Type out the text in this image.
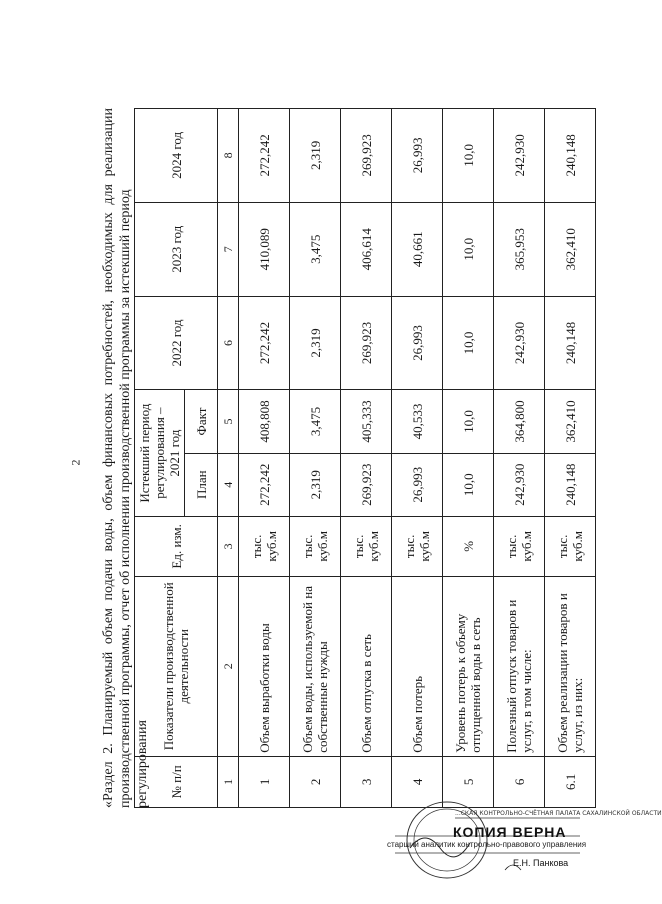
2 «Раздел 2. Планируемый объем подачи воды, объем финансовых потребностей, необходимых для реализации производственной программы, отчет об исполнении производственной программы за истекший период регулирования № п/п	Показатели производственной деятельности	Ед. изм.	Истекший период регулирования – 2021 год		2022 год	2023 год	2024 год
			План	Факт			
1	2	3	4	5	6	7	8
1	Объем выработки воды	тыс. куб.м	272,242	408,808	272,242	410,089	272,242
2	Объем воды, используемой на собственные нужды	тыс. куб.м	2,319	3,475	2,319	3,475	2,319
3	Объем отпуска в сеть	тыс. куб.м	269,923	405,333	269,923	406,614	269,923
4	Объем потерь	тыс. куб.м	26,993	40,533	26,993	40,661	26,993
5	Уровень потерь к объему отпущенной воды в сеть	%	10,0	10,0	10,0	10,0	10,0
6	Полезный отпуск товаров и услуг, в том числе:	тыс. куб.м	242,930	364,800	242,930	365,953	242,930
6.1	Объем реализации товаров и услуг, из них:	тыс. куб.м	240,148	362,410	240,148	362,410	240,148
...СКАЯ КОНТРОЛЬНО-СЧЁТНАЯ ПАЛАТА САХАЛИНСКОЙ ОБЛАСТИ
КОПИЯ ВЕРНА
старший аналитик контрольно-правового управления
Е.Н. Панкова
